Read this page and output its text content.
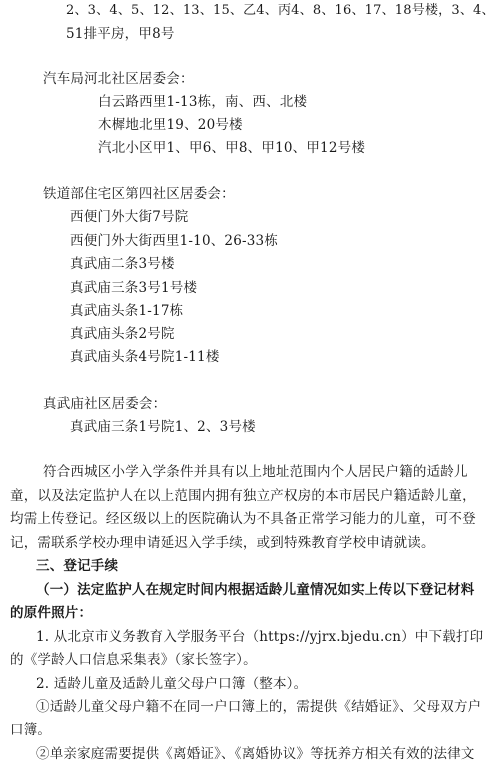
2、3、4、5、12、13、15、乙4、丙4、8、16、17、18号楼，3、4、
51排平房，甲8号
汽车局河北社区居委会：
白云路西里1-13栋，南、西、北楼
木樨地北里19、20号楼
汽北小区甲1、甲6、甲8、甲10、甲12号楼
铁道部住宅区第四社区居委会：
西便门外大街7号院
西便门外大街西里1-10、26-33栋
真武庙二条3号楼
真武庙三条3号1号楼
真武庙头条1-17栋
真武庙头条2号院
真武庙头条4号院1-11楼
真武庙社区居委会：
真武庙三条1号院1、2、3号楼
符合西城区小学入学条件并具有以上地址范围内个人居民户籍的适龄儿
童，以及法定监护人在以上范围内拥有独立产权房的本市居民户籍适龄儿童，
均需上传登记。经区级以上的医院确认为不具备正常学习能力的儿童，可不登
记，需联系学校办理申请延迟入学手续，或到特殊教育学校申请就读。
三、登记手续
（一）法定监护人在规定时间内根据适龄儿童情况如实上传以下登记材料
的原件照片：
1. 从北京市义务教育入学服务平台（https://yjrx.bjedu.cn）中下载打印
的《学龄人口信息采集表》（家长签字）。
2. 适龄儿童及适龄儿童父母户口簿（整本）。
①适龄儿童父母户籍不在同一户口簿上的，需提供《结婚证》、父母双方户
口簿。
②单亲家庭需要提供《离婚证》、《离婚协议》等抚养方相关有效的法律文
